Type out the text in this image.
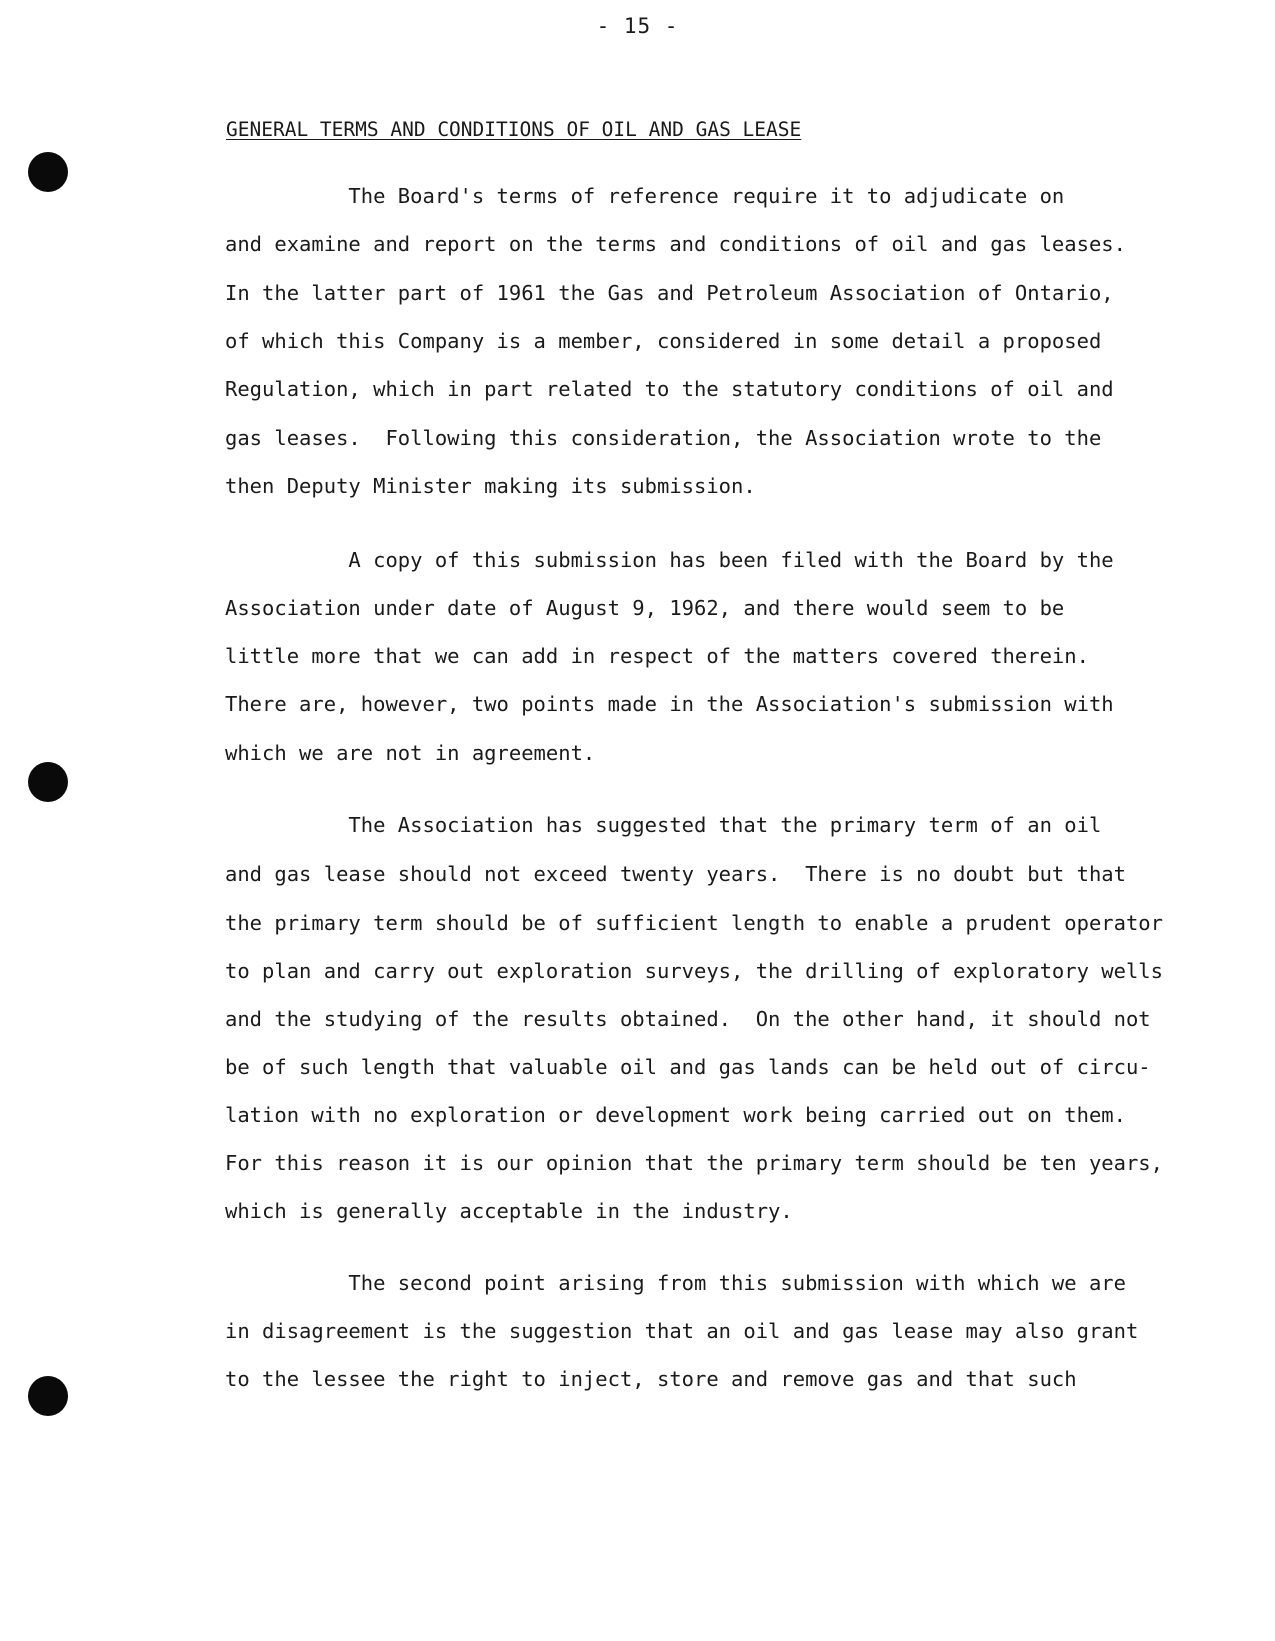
- 15 -
GENERAL TERMS AND CONDITIONS OF OIL AND GAS LEASE
The Board's terms of reference require it to adjudicate on
and examine and report on the terms and conditions of oil and gas leases.
In the latter part of 1961 the Gas and Petroleum Association of Ontario,
of which this Company is a member, considered in some detail a proposed
Regulation, which in part related to the statutory conditions of oil and
gas leases.  Following this consideration, the Association wrote to the
then Deputy Minister making its submission.
A copy of this submission has been filed with the Board by the
Association under date of August 9, 1962, and there would seem to be
little more that we can add in respect of the matters covered therein.
There are, however, two points made in the Association's submission with
which we are not in agreement.
The Association has suggested that the primary term of an oil
and gas lease should not exceed twenty years.  There is no doubt but that
the primary term should be of sufficient length to enable a prudent operator
to plan and carry out exploration surveys, the drilling of exploratory wells
and the studying of the results obtained.  On the other hand, it should not
be of such length that valuable oil and gas lands can be held out of circu-
lation with no exploration or development work being carried out on them.
For this reason it is our opinion that the primary term should be ten years,
which is generally acceptable in the industry.
The second point arising from this submission with which we are
in disagreement is the suggestion that an oil and gas lease may also grant
to the lessee the right to inject, store and remove gas and that such
